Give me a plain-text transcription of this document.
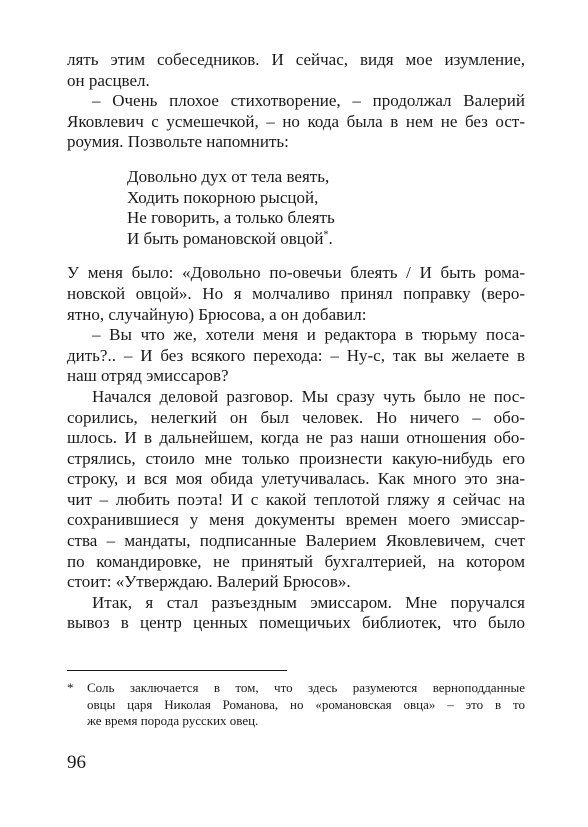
лять этим собеседников. И сейчас, видя мое изумление,
он расцвел.

– Очень плохое стихотворение, – продолжал Валерий
Яковлевич с усмешечкой, – но кода была в нем не без ост-
роумия. Позвольте напомнить:

Довольно дух от тела веять,
Ходить покорною рысцой,
Не говорить, а только блеять
И быть романовской овцой*.

У меня было: «Довольно по-овечьи блеять / И быть рома-
новской овцой». Но я молчаливо принял поправку (веро-
ятно, случайную) Брюсова, а он добавил:

– Вы что же, хотели меня и редактора в тюрьму поса-
дить?.. – И без всякого перехода: – Ну-с, так вы желаете в
наш отряд эмиссаров?

Начался деловой разговор. Мы сразу чуть было не пос-
сорились, нелегкий он был человек. Но ничего – обо-
шлось. И в дальнейшем, когда не раз наши отношения обо-
стрялись, стоило мне только произнести какую-нибудь его
строку, и вся моя обида улетучивалась. Как много это зна-
чит – любить поэта! И с какой теплотой гляжу я сейчас на
сохранившиеся у меня документы времен моего эмиссар-
ства – мандаты, подписанные Валерием Яковлевичем, счет
по командировке, не принятый бухгалтерией, на котором
стоит: «Утверждаю. Валерий Брюсов».

Итак, я стал разъездным эмиссаром. Мне поручался
вывоз в центр ценных помещичьих библиотек, что было

* Соль заключается в том, что здесь разумеются верноподданные
овцы царя Николая Романова, но «романовская овца» – это в то
же время порода русских овец.
96
